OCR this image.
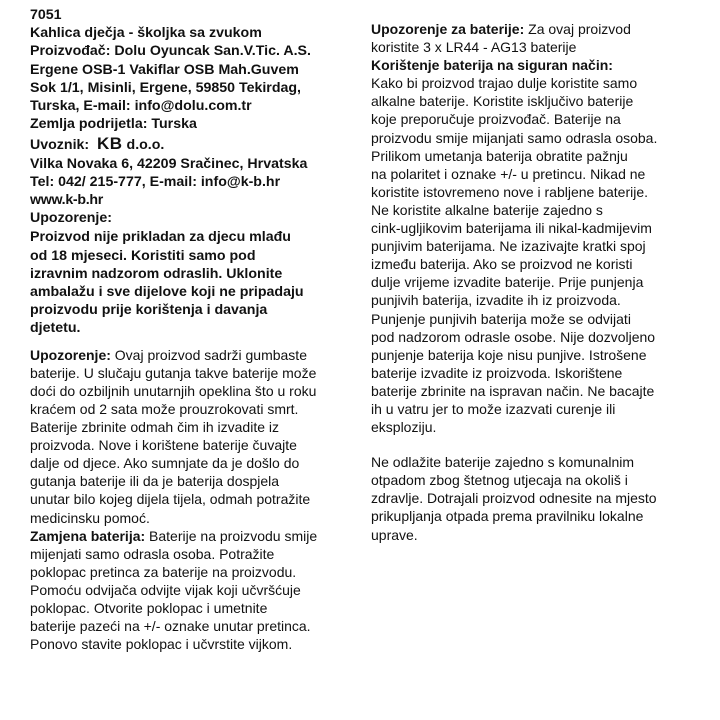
7051
Kahlica dječja - školjka sa zvukom
Proizvođač: Dolu Oyuncak San.V.Tic. A.S.
Ergene OSB-1 Vakiflar OSB Mah.Guvem
Sok 1/1, Misinli, Ergene, 59850 Tekirdag,
Turska, E-mail: info@dolu.com.tr
Zemlja podrijetla: Turska
Uvoznik: KB d.o.o.
Vilka Novaka 6, 42209 Sračinec, Hrvatska
Tel: 042/ 215-777, E-mail: info@k-b.hr
www.k-b.hr
Upozorenje:
Proizvod nije prikladan za djecu mlađu
od 18 mjeseci. Koristiti samo pod
izravnim nadzorom odraslih. Uklonite
ambalažu i sve dijelove koji ne pripadaju
proizvodu prije korištenja i davanja
djetetu.
Upozorenje: Ovaj proizvod sadrži gumbaste
baterije. U slučaju gutanja takve baterije može
doći do ozbiljnih unutarnjih opeklina što u roku
kraćem od 2 sata može prouzrokovati smrt.
Baterije zbrinite odmah čim ih izvadite iz
proizvoda. Nove i korištene baterije čuvajte
dalje od djece. Ako sumnjate da je došlo do
gutanja baterije ili da je baterija dospjela
unutar bilo kojeg dijela tijela, odmah potražite
medicinsku pomoć.
Zamjena baterija: Baterije na proizvodu smije
mijenjati samo odrasla osoba. Potražite
poklopac pretinca za baterije na proizvodu.
Pomoću odvijača odvijte vijak koji učvršćuje
poklopac. Otvorite poklopac i umetnite
baterije pazeći na +/- oznake unutar pretinca.
Ponovo stavite poklopac i učvrstite vijkom.
Upozorenje za baterije: Za ovaj proizvod
koristite 3 x LR44 - AG13 baterije
Korištenje baterija na siguran način:
Kako bi proizvod trajao dulje koristite samo
alkalne baterije. Koristite isključivo baterije
koje preporučuje proizvođač. Baterije na
proizvodu smije mijanjati samo odrasla osoba.
Prilikom umetanja baterija obratite pažnju
na polaritet i oznake +/- u pretincu. Nikad ne
koristite istovremeno nove i rabljene baterije.
Ne koristite alkalne baterije zajedno s
cink-ugljikovim baterijama ili nikal-kadmijevim
punjivim baterijama. Ne izazivajte kratki spoj
između baterija. Ako se proizvod ne koristi
dulje vrijeme izvadite baterije. Prije punjenja
punjivih baterija, izvadite ih iz proizvoda.
Punjenje punjivih baterija može se odvijati
pod nadzorom odrasle osobe. Nije dozvoljeno
punjenje baterija koje nisu punjive. Istrošene
baterije izvadite iz proizvoda. Iskorištene
baterije zbrinite na ispravan način. Ne bacajte
ih u vatru jer to može izazvati curenje ili
eksploziju.
Ne odlažite baterije zajedno s komunalnim
otpadom zbog štetnog utjecaja na okoliš i
zdravlje. Dotrajali proizvod odnesite na mjesto
prikupljanja otpada prema pravilniku lokalne
uprave.
